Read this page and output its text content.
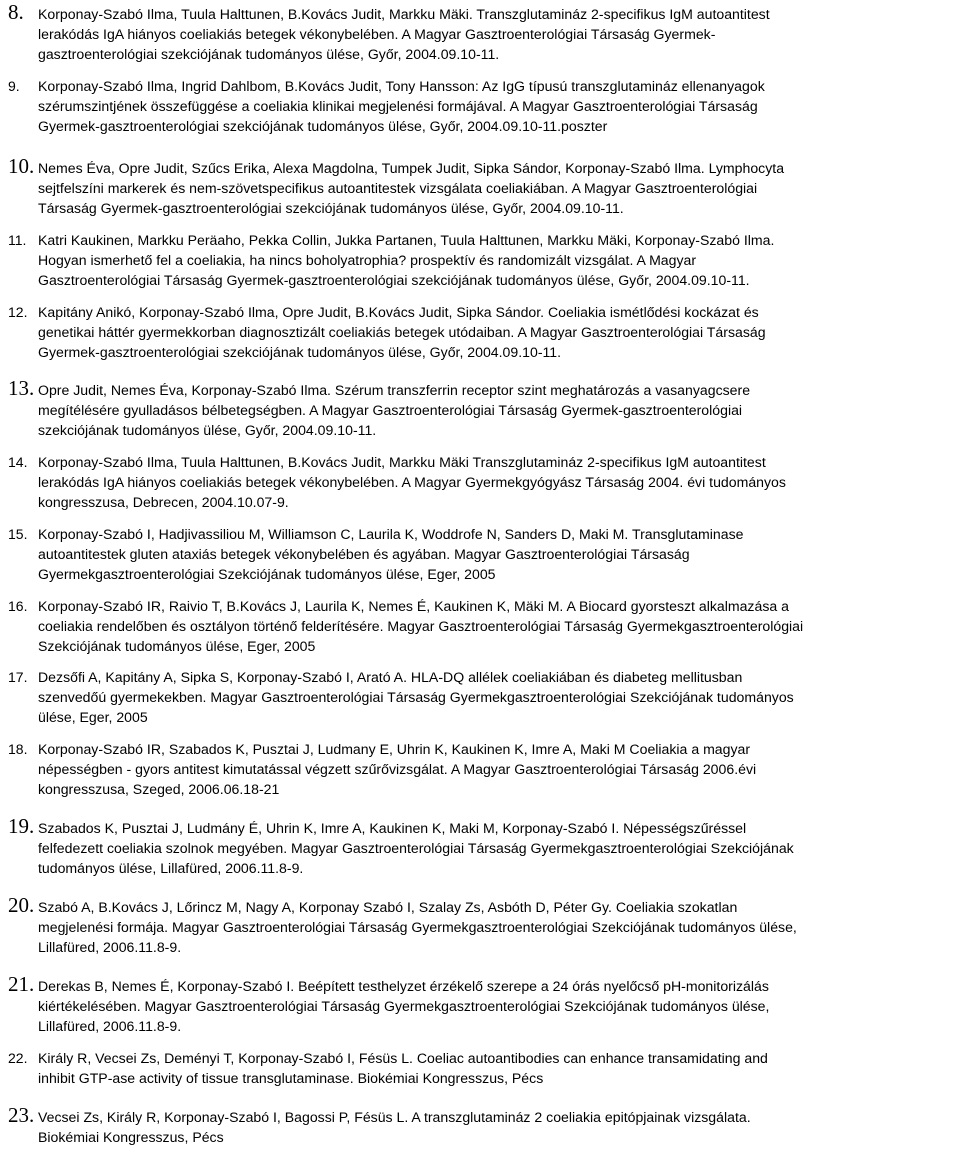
8. Korponay-Szabó Ilma, Tuula Halttunen, B.Kovács Judit, Markku Mäki. Transzglutamináz 2-specifikus IgM autoantitest
lerakódás IgA hiányos coeliakiás betegek vékonybelében. A Magyar Gasztroenterológiai Társaság Gyermek-
gasztroenterológiai szekciójának tudományos ülése, Győr, 2004.09.10-11.
9. Korponay-Szabó Ilma, Ingrid Dahlbom, B.Kovács Judit, Tony Hansson: Az IgG típusú transzglutamináz ellenanyagok
szérumszintjének összefüggése a coeliakia klinikai megjelenési formájával. A Magyar Gasztroenterológiai Társaság
Gyermek-gasztroenterológiai szekciójának tudományos ülése, Győr, 2004.09.10-11.poszter
10. Nemes Éva, Opre Judit, Szűcs Erika, Alexa Magdolna, Tumpek Judit, Sipka Sándor, Korponay-Szabó Ilma. Lymphocyta
sejtfelszíni markerek és nem-szövetspecifikus autoantitestek vizsgálata coeliakiában. A Magyar Gasztroenterológiai
Társaság Gyermek-gasztroenterológiai szekciójának tudományos ülése, Győr, 2004.09.10-11.
11. Katri Kaukinen, Markku Peräaho, Pekka Collin, Jukka Partanen, Tuula Halttunen, Markku Mäki, Korponay-Szabó Ilma.
Hogyan ismerhető fel a coeliakia, ha nincs boholyatrophia? prospektív és randomizált vizsgálat. A Magyar
Gasztroenterológiai Társaság Gyermek-gasztroenterológiai szekciójának tudományos ülése, Győr, 2004.09.10-11.
12. Kapitány Anikó, Korponay-Szabó Ilma, Opre Judit, B.Kovács Judit, Sipka Sándor. Coeliakia ismétlődési kockázat és
genetikai háttér gyermekkorban diagnosztizált coeliakiás betegek utódaiban. A Magyar Gasztroenterológiai Társaság
Gyermek-gasztroenterológiai szekciójának tudományos ülése, Győr, 2004.09.10-11.
13. Opre Judit, Nemes Éva, Korponay-Szabó Ilma. Szérum transzferrin receptor szint meghatározás a vasanyagcsere
megítélésére gyulladásos bélbetegségben. A Magyar Gasztroenterológiai Társaság Gyermek-gasztroenterológiai
szekciójának tudományos ülése, Győr, 2004.09.10-11.
14. Korponay-Szabó Ilma, Tuula Halttunen, B.Kovács Judit, Markku Mäki Transzglutamináz 2-specifikus IgM autoantitest
lerakódás IgA hiányos coeliakiás betegek vékonybelében. A Magyar Gyermekgyógyász Társaság 2004. évi tudományos
kongresszusa, Debrecen, 2004.10.07-9.
15. Korponay-Szabó I, Hadjivassiliou M, Williamson C, Laurila K, Woddrofe N, Sanders D, Maki M. Transglutaminase
autoantitestek gluten ataxiás betegek vékonybelében és agyában. Magyar Gasztroenterológiai Társaság
Gyermekgasztroenterológiai Szekciójának tudományos ülése, Eger, 2005
16. Korponay-Szabó IR, Raivio T, B.Kovács J, Laurila K, Nemes É, Kaukinen K, Mäki M. A Biocard gyorsteszt alkalmazása a
coeliakia rendelőben és osztályon történő felderítésére. Magyar Gasztroenterológiai Társaság Gyermekgasztroenterológiai
Szekciójának tudományos ülése, Eger, 2005
17. Dezsőfi A, Kapitány A, Sipka S, Korponay-Szabó I, Arató A. HLA-DQ allélek coeliakiában és diabeteg mellitusban
szenvedőú gyermekekben. Magyar Gasztroenterológiai Társaság Gyermekgasztroenterológiai Szekciójának tudományos
ülése, Eger, 2005
18. Korponay-Szabó IR, Szabados K, Pusztai J, Ludmany E, Uhrin K, Kaukinen K, Imre A, Maki M Coeliakia a magyar
népességben - gyors antitest kimutatással végzett szűrővizsgálat. A Magyar Gasztroenterológiai Társaság 2006.évi
kongresszusa, Szeged, 2006.06.18-21
19. Szabados K, Pusztai J, Ludmány É, Uhrin K, Imre A, Kaukinen K, Maki M, Korponay-Szabó I. Népességszűréssel
felfedezett coeliakia szolnok megyében. Magyar Gasztroenterológiai Társaság Gyermekgasztroenterológiai Szekciójának
tudományos ülése, Lillafüred, 2006.11.8-9.
20. Szabó A, B.Kovács J, Lőrincz M, Nagy A, Korponay Szabó I, Szalay Zs, Asbóth D, Péter Gy. Coeliakia szokatlan
megjelenési formája. Magyar Gasztroenterológiai Társaság Gyermekgasztroenterológiai Szekciójának tudományos ülése,
Lillafüred, 2006.11.8-9.
21. Derekas B, Nemes É, Korponay-Szabó I. Beépített testhelyzet érzékelő szerepe a 24 órás nyelőcső pH-monitorizálás
kiértékelésében. Magyar Gasztroenterológiai Társaság Gyermekgasztroenterológiai Szekciójának tudományos ülése,
Lillafüred, 2006.11.8-9.
22. Király R, Vecsei Zs, Deményi T, Korponay-Szabó I, Fésüs L. Coeliac autoantibodies can enhance transamidating and
inhibit GTP-ase activity of tissue transglutaminase. Biokémiai Kongresszus, Pécs
23. Vecsei Zs, Király R, Korponay-Szabó I, Bagossi P, Fésüs L. A transzglutamináz 2 coeliakia epitópjainak vizsgálata.
Biokémiai Kongresszus, Pécs
